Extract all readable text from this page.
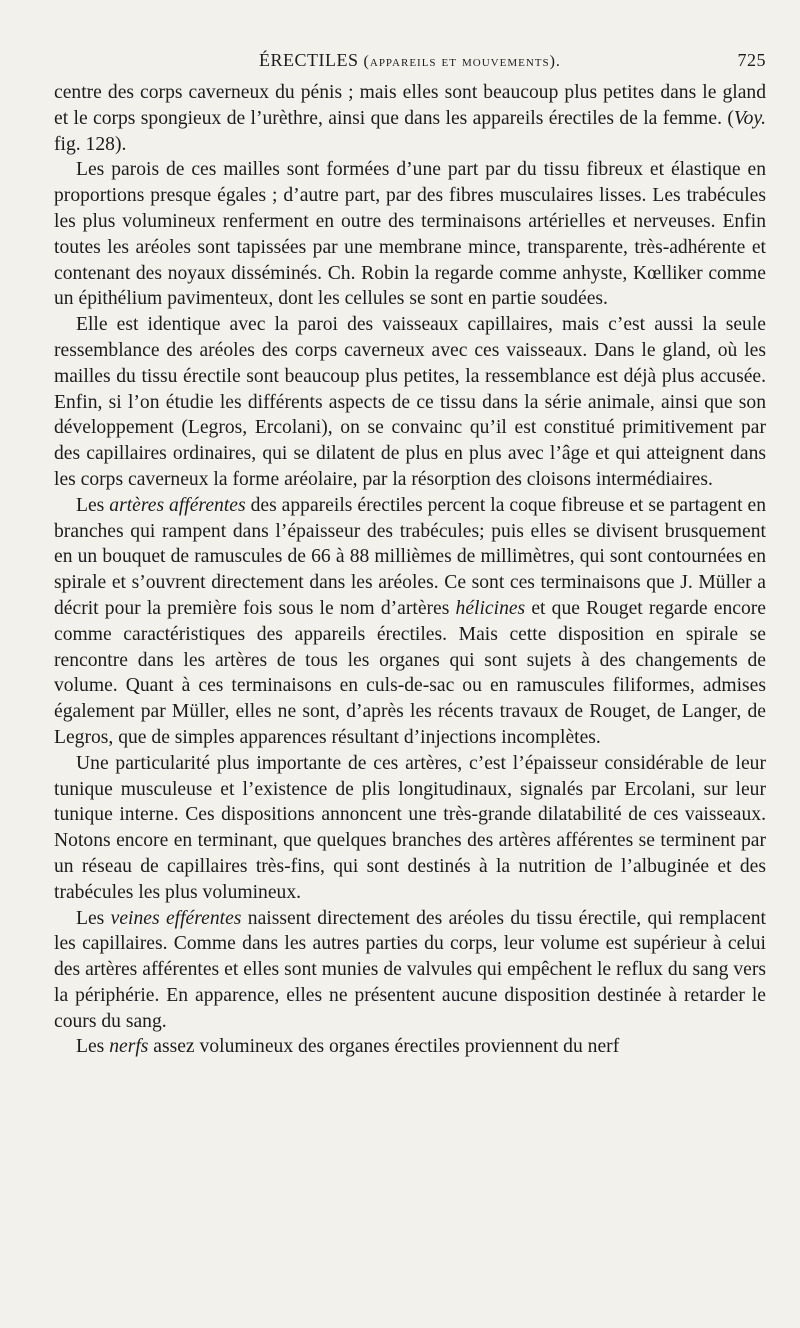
ÉRECTILES (appareils et mouvements).	725

centre des corps caverneux du pénis ; mais elles sont beaucoup plus petites dans le gland et le corps spongieux de l’urèthre, ainsi que dans les appareils érectiles de la femme. (Voy. fig. 128).

Les parois de ces mailles sont formées d’une part par du tissu fibreux et élastique en proportions presque égales ; d’autre part, par des fibres musculaires lisses. Les trabécules les plus volumineux renferment en outre des terminaisons artérielles et nerveuses. Enfin toutes les aréoles sont tapissées par une membrane mince, transparente, très-adhérente et contenant des noyaux disséminés. Ch. Robin la regarde comme anhyste, Kœlliker comme un épithélium pavimenteux, dont les cellules se sont en partie soudées.

Elle est identique avec la paroi des vaisseaux capillaires, mais c’est aussi la seule ressemblance des aréoles des corps caverneux avec ces vaisseaux. Dans le gland, où les mailles du tissu érectile sont beaucoup plus petites, la ressemblance est déjà plus accusée. Enfin, si l’on étudie les différents aspects de ce tissu dans la série animale, ainsi que son développement (Legros, Ercolani), on se convainc qu’il est constitué primitivement par des capillaires ordinaires, qui se dilatent de plus en plus avec l’âge et qui atteignent dans les corps caverneux la forme aréolaire, par la résorption des cloisons intermédiaires.

Les artères afférentes des appareils érectiles percent la coque fibreuse et se partagent en branches qui rampent dans l’épaisseur des trabécules; puis elles se divisent brusquement en un bouquet de ramuscules de 66 à 88 millièmes de millimètres, qui sont contournées en spirale et s’ouvrent directement dans les aréoles. Ce sont ces terminaisons que J. Müller a décrit pour la première fois sous le nom d’artères hélicines et que Rouget regarde encore comme caractéristiques des appareils érectiles. Mais cette disposition en spirale se rencontre dans les artères de tous les organes qui sont sujets à des changements de volume. Quant à ces terminaisons en culs-de-sac ou en ramuscules filiformes, admises également par Müller, elles ne sont, d’après les récents travaux de Rouget, de Langer, de Legros, que de simples apparences résultant d’injections incomplètes.

Une particularité plus importante de ces artères, c’est l’épaisseur considérable de leur tunique musculeuse et l’existence de plis longitudinaux, signalés par Ercolani, sur leur tunique interne. Ces dispositions annoncent une très-grande dilatabilité de ces vaisseaux. Notons encore en terminant, que quelques branches des artères afférentes se terminent par un réseau de capillaires très-fins, qui sont destinés à la nutrition de l’albuginée et des trabécules les plus volumineux.

Les veines efférentes naissent directement des aréoles du tissu érectile, qui remplacent les capillaires. Comme dans les autres parties du corps, leur volume est supérieur à celui des artères afférentes et elles sont munies de valvules qui empêchent le reflux du sang vers la périphérie. En apparence, elles ne présentent aucune disposition destinée à retarder le cours du sang.

Les nerfs assez volumineux des organes érectiles proviennent du nerf
